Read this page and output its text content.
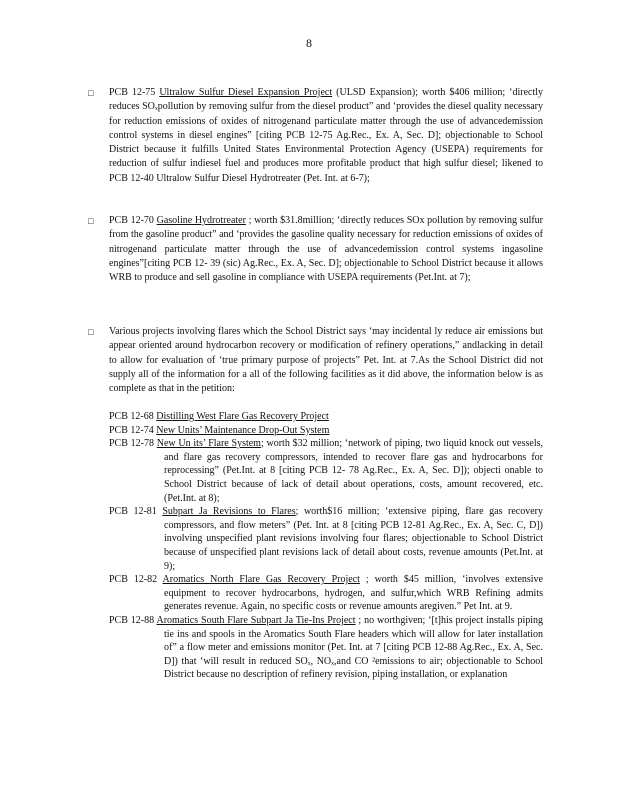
8
□ PCB 12-75 Ultralow Sulfur Diesel Expansion Project (ULSD Expansion); worth $406 million; ‘directly reduces SOₓpollution by removing sulfur from the diesel product” and ‘provides the diesel quality necessary for reduction emissions of oxides of nitrogenand particulate matter through the use of advancedemission control systems in diesel engines” [citing PCB 12-75 Ag.Rec., Ex. A, Sec. D]; objectionable to School District because it fulfills United States Environmental Protection Agency (USEPA) requirements for reduction of sulfur indiesel fuel and produces more profitable product that high sulfur diesel; likened to PCB 12-40 Ultralow Sulfur Diesel Hydrotreater (Pet. Int. at 6-7);
□ PCB 12-70 Gasoline Hydrotreater ; worth $31.8million; ‘directly reduces SOx pollution by removing sulfur from the gasoline product” and ‘provides the gasoline quality necessary for reduction emissions of oxides of nitrogenand particulate matter through the use of advancedemission control systems ingasoline engines”[citing PCB 12- 39 (sic) Ag.Rec., Ex. A, Sec. D]; objectionable to School District because it allows WRB to produce and sell gasoline in compliance with USEPA requirements (Pet.Int. at 7);
□ Various projects involving flares which the School District says ‘may incidental ly reduce air emissions but appear oriented around hydrocarbon recovery or modification of refinery operations,” andlacking in detail to allow for evaluation of ‘true primary purpose of projects” Pet. Int. at 7.As the School District did not supply all of the information for a all of the following facilities as it did above, the information below is as complete as that in the petition:
PCB 12-68 Distilling West Flare Gas Recovery Project
PCB 12-74 New Units’ Maintenance Drop-Out System
PCB 12-78 New Un its’ Flare System; worth $32 million; ‘network of piping, two liquid knock out vessels, and flare gas recovery compressors, intended to recover flare gas and hydrocarbons for reprocessing” (Pet.Int. at 8 [citing PCB 12- 78 Ag.Rec., Ex. A, Sec. D]); objecti onable to School District because of lack of detail about operations, costs, amount recovered, etc. (Pet.Int. at 8);
PCB 12-81 Subpart Ja Revisions to Flares; worth$16 million; ‘extensive piping, flare gas recovery compressors, and flow meters” (Pet. Int. at 8 [citing PCB 12-81 Ag.Rec., Ex. A, Sec. C, D]) involving unspecified plant revisions involving four flares; objectionable to School District because of unspecified plant revisions lack of detail about costs, revenue amounts (Pet.Int. at 9);
PCB 12-82 Aromatics North Flare Gas Recovery Project ; worth $45 million, ‘involves extensive equipment to recover hydrocarbons, hydrogen, and sulfur,which WRB Refining admits generates revenue. Again, no specific costs or revenue amounts aregiven.” Pet Int. at 9.
PCB 12-88 Aromatics South Flare Subpart Ja Tie-Ins Project ; no worthgiven; ‘[t]his project installs piping tie ins and spools in the Aromatics South Flare headers which will allow for later installation of” a flow meter and emissions monitor (Pet. Int. at 7 [citing PCB 12-88 Ag.Rec., Ex. A, Sec. D]) that ‘will result in reduced SOₓ, NOₓ,and CO ²emissions to air; objectionable to School District because no description of refinery revision, piping installation, or explanation
